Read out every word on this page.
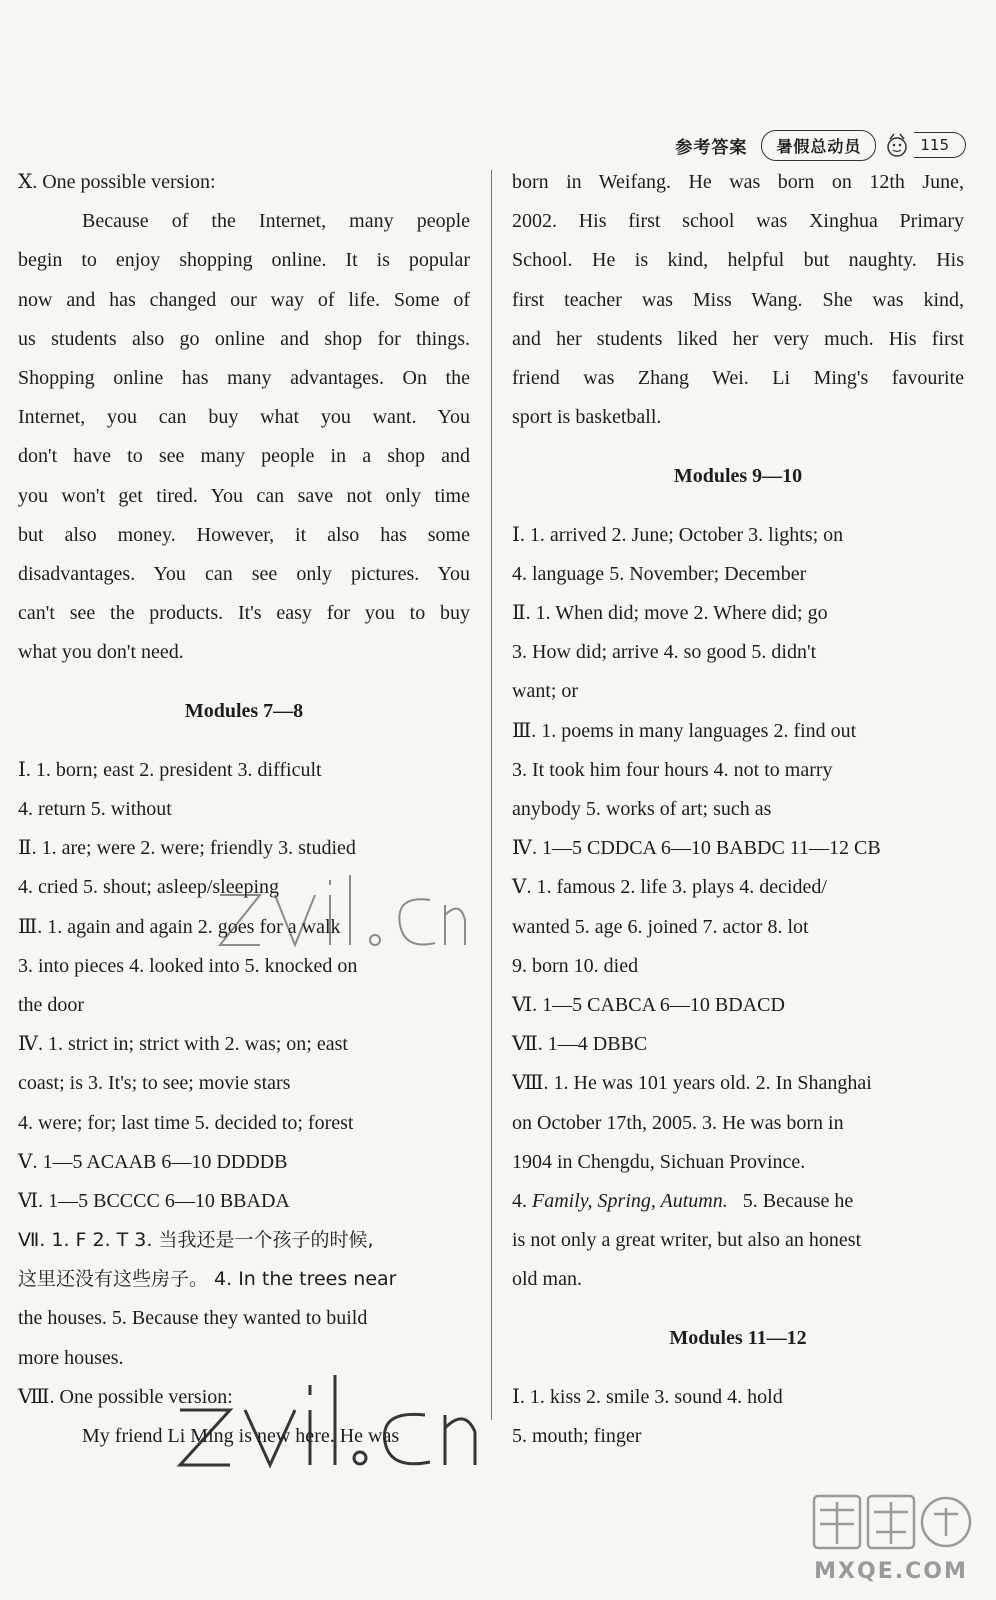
参考答案	暑假总动员	115
Ⅹ. One possible version:
Because of the Internet, many people
begin to enjoy shopping online. It is popular
now and has changed our way of life. Some of
us students also go online and shop for things.
Shopping online has many advantages. On the
Internet, you can buy what you want. You
don't have to see many people in a shop and
you won't get tired. You can save not only time
but also money. However, it also has some
disadvantages. You can see only pictures. You
can't see the products. It's easy for you to buy
what you don't need.
Modules 7—8
Ⅰ. 1. born; east 2. president 3. difficult
4. return 5. without
Ⅱ. 1. are; were 2. were; friendly 3. studied
4. cried 5. shout; asleep/sleeping
Ⅲ. 1. again and again 2. goes for a walk
3. into pieces 4. looked into 5. knocked on
the door
Ⅳ. 1. strict in; strict with 2. was; on; east
coast; is 3. It's; to see; movie stars
4. were; for; last time 5. decided to; forest
Ⅴ. 1—5 ACAAB 6—10 DDDDB
Ⅵ. 1—5 BCCCC 6—10 BBADA
Ⅶ. 1. F 2. T 3. 当我还是一个孩子的时候,
这里还没有这些房子。 4. In the trees near
the houses. 5. Because they wanted to build
more houses.
Ⅷ. One possible version:
My friend Li Ming is new here. He was
born in Weifang. He was born on 12th June,
2002. His first school was Xinghua Primary
School. He is kind, helpful but naughty. His
first teacher was Miss Wang. She was kind,
and her students liked her very much. His first
friend was Zhang Wei. Li Ming's favourite
sport is basketball.
Modules 9—10
Ⅰ. 1. arrived 2. June; October 3. lights; on
4. language 5. November; December
Ⅱ. 1. When did; move 2. Where did; go
3. How did; arrive 4. so good 5. didn't
want; or
Ⅲ. 1. poems in many languages 2. find out
3. It took him four hours 4. not to marry
anybody 5. works of art; such as
Ⅳ. 1—5 CDDCA 6—10 BABDC 11—12 CB
Ⅴ. 1. famous 2. life 3. plays 4. decided/
wanted 5. age 6. joined 7. actor 8. lot
9. born 10. died
Ⅵ. 1—5 CABCA 6—10 BDACD
Ⅶ. 1—4 DBBC
Ⅷ. 1. He was 101 years old. 2. In Shanghai
on October 17th, 2005. 3. He was born in
1904 in Chengdu, Sichuan Province.
4. Family, Spring, Autumn.   5. Because he
is not only a great writer, but also an honest
old man.
Modules 11—12
Ⅰ. 1. kiss 2. smile 3. sound 4. hold
5. mouth; finger
MXQE.COM
